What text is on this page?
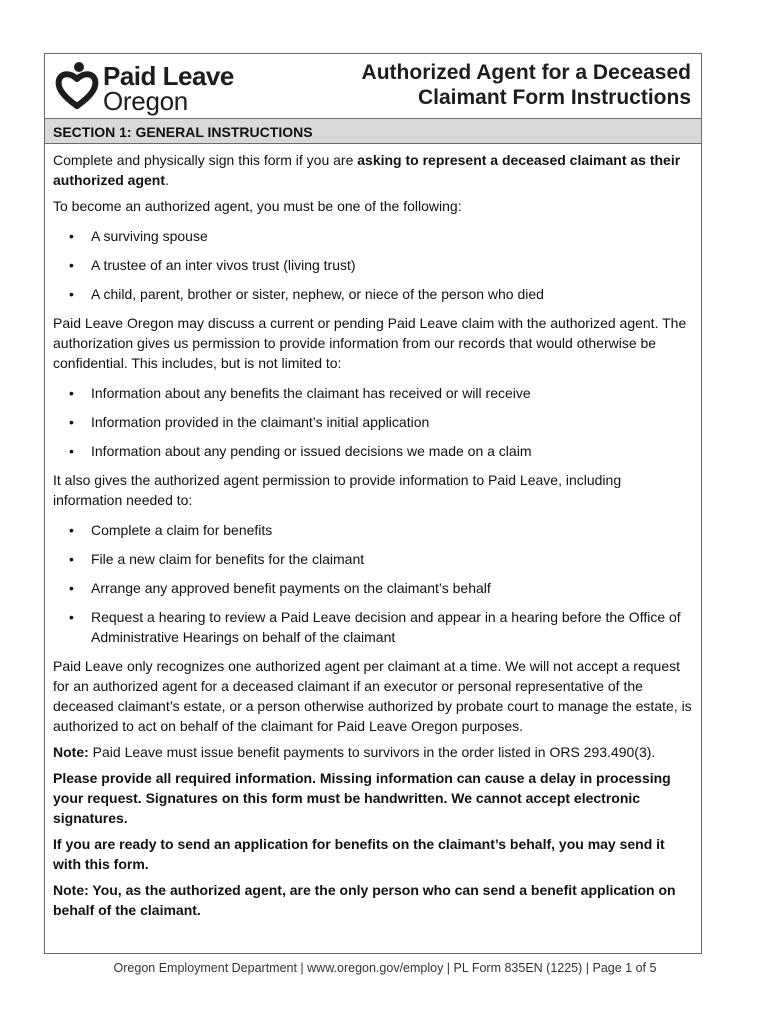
Paid Leave
Oregon
Authorized Agent for a Deceased
Claimant Form Instructions
SECTION 1: GENERAL INSTRUCTIONS

Complete and physically sign this form if you are asking to represent a deceased claimant as their authorized agent.

To become an authorized agent, you must be one of the following:

• A surviving spouse
• A trustee of an inter vivos trust (living trust)
• A child, parent, brother or sister, nephew, or niece of the person who died

Paid Leave Oregon may discuss a current or pending Paid Leave claim with the authorized agent. The authorization gives us permission to provide information from our records that would otherwise be confidential. This includes, but is not limited to:

• Information about any benefits the claimant has received or will receive
• Information provided in the claimant’s initial application
• Information about any pending or issued decisions we made on a claim

It also gives the authorized agent permission to provide information to Paid Leave, including information needed to:

• Complete a claim for benefits
• File a new claim for benefits for the claimant
• Arrange any approved benefit payments on the claimant’s behalf
• Request a hearing to review a Paid Leave decision and appear in a hearing before the Office of Administrative Hearings on behalf of the claimant

Paid Leave only recognizes one authorized agent per claimant at a time. We will not accept a request for an authorized agent for a deceased claimant if an executor or personal representative of the deceased claimant’s estate, or a person otherwise authorized by probate court to manage the estate, is authorized to act on behalf of the claimant for Paid Leave Oregon purposes.

Note: Paid Leave must issue benefit payments to survivors in the order listed in ORS 293.490(3).

Please provide all required information. Missing information can cause a delay in processing your request. Signatures on this form must be handwritten. We cannot accept electronic signatures.

If you are ready to send an application for benefits on the claimant’s behalf, you may send it with this form.

Note: You, as the authorized agent, are the only person who can send a benefit application on behalf of the claimant.

Oregon Employment Department | www.oregon.gov/employ | PL Form 835EN (1225) | Page 1 of 5
